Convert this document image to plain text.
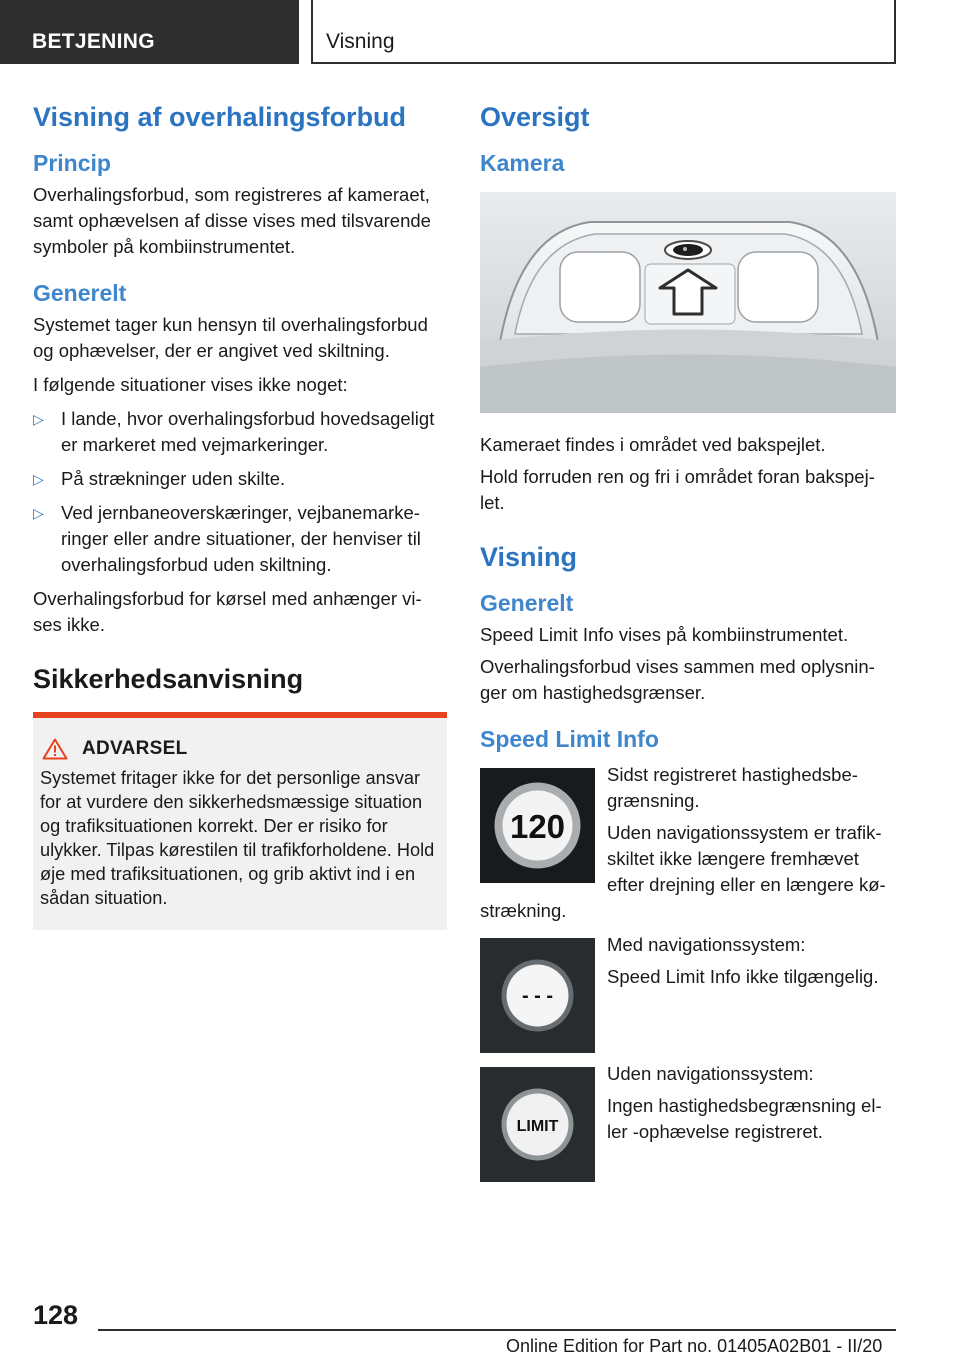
BETJENING	Visning
Visning af overhalingsforbud
Princip

Overhalingsforbud, som registreres af kameraet, samt ophævelsen af disse vises med tilsvarende symboler på kombiinstrumentet.

Generelt

Systemet tager kun hensyn til overhalingsforbud og ophævelser, der er angivet ved skiltning.

I følgende situationer vises ikke noget:

▷ I lande, hvor overhalingsforbud hovedsageligt er markeret med vejmarkeringer.

▷ På strækninger uden skilte.

▷ Ved jernbaneoverskæringer, vejbanemarke-ringer eller andre situationer, der henviser til overhalingsforbud uden skiltning.

Overhalingsforbud for kørsel med anhænger vi-ses ikke.

Sikkerhedsanvisning
ADVARSEL

Systemet fritager ikke for det personlige ansvar for at vurdere den sikkerhedsmæssige situation og trafiksituationen korrekt. Der er risiko for ulykker. Tilpas kørestilen til trafikforholdene. Hold øje med trafiksituationen, og grib aktivt ind i en sådan situation.

Oversigt
Kamera

Kameraet findes i området ved bakspejlet.

Hold forruden ren og fri i området foran bakspej-let.

Visning
Generelt

Speed Limit Info vises på kombiinstrumentet.

Overhalingsforbud vises sammen med oplysnin-ger om hastighedsgrænser.

Speed Limit Info
120

Sidst registreret hastighedsbe-grænsning.

Uden navigationssystem er trafik-skiltet ikke længere fremhævet efter drejning eller en længere kø-strækning.

- - -

Med navigationssystem:

Speed Limit Info ikke tilgængelig.

LIMIT

Uden navigationssystem:

Ingen hastighedsbegrænsning el-ler -ophævelse registreret.

128
Online Edition for Part no. 01405A02B01 - II/20
